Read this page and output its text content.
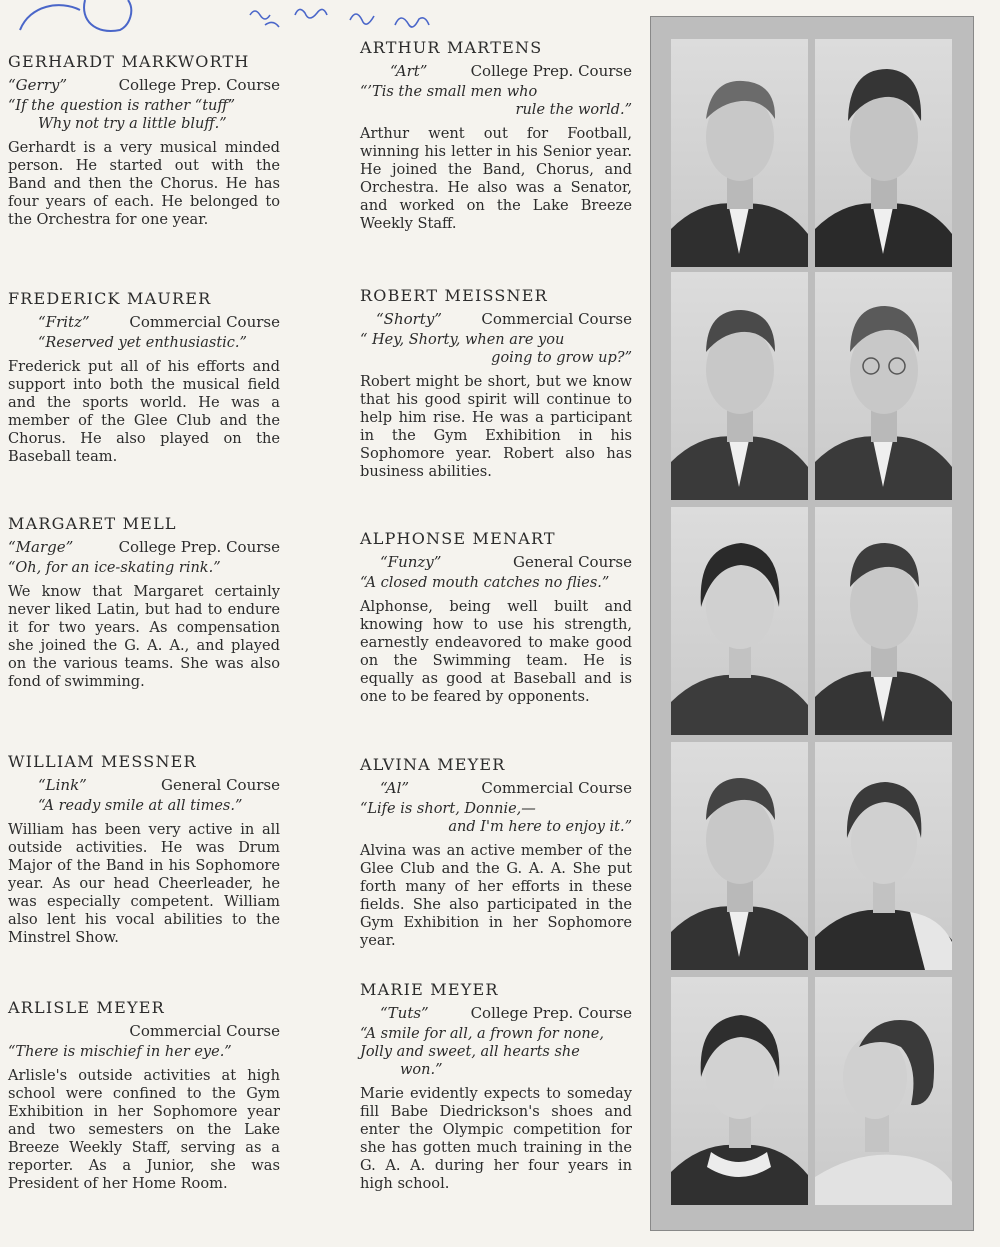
GERHARDT MARKWORTH
“Gerry”	College Prep. Course
“If the question is rather “tuff”
Why not try a little bluff.”
Gerhardt is a very musical minded person. He started out with the Band and then the Chorus. He has four years of each. He belonged to the Orchestra for one year.
FREDERICK MAURER
“Fritz”	Commercial Course
“Reserved yet enthusiastic.”
Frederick put all of his efforts and support into both the musical field and the sports world. He was a member of the Glee Club and the Chorus. He also played on the Baseball team.
MARGARET MELL
“Marge”	College Prep. Course
“Oh, for an ice-skating rink.”
We know that Margaret certainly never liked Latin, but had to endure it for two years. As compensation she joined the G. A. A., and played on the various teams. She was also fond of swimming.
WILLIAM MESSNER
“Link”	General Course
“A ready smile at all times.”
William has been very active in all outside activities. He was Drum Major of the Band in his Sophomore year. As our head Cheerleader, he was especially competent. William also lent his vocal abilities to the Minstrel Show.
ARLISLE MEYER
Commercial Course
“There is mischief in her eye.”
Arlisle's outside activities at high school were confined to the Gym Exhibition in her Sophomore year and two semesters on the Lake Breeze Weekly Staff, serving as a reporter. As a Junior, she was President of her Home Room.
ARTHUR MARTENS
“Art”	College Prep. Course
“’Tis the small men who
rule the world.”
Arthur went out for Football, winning his letter in his Senior year. He joined the Band, Chorus, and Orchestra. He also was a Senator, and worked on the Lake Breeze Weekly Staff.
ROBERT MEISSNER
“Shorty”	Commercial Course
“ Hey, Shorty, when are you
going to grow up?”
Robert might be short, but we know that his good spirit will continue to help him rise. He was a participant in the Gym Exhibition in his Sophomore year. Robert also has business abilities.
ALPHONSE MENART
“Funzy”	General Course
“A closed mouth catches no flies.”
Alphonse, being well built and knowing how to use his strength, earnestly endeavored to make good on the Swimming team. He is equally as good at Baseball and is one to be feared by opponents.
ALVINA MEYER
“Al”	Commercial Course
“Life is short, Donnie,—
and I'm here to enjoy it.”
Alvina was an active member of the Glee Club and the G. A. A. She put forth many of her efforts in these fields. She also participated in the Gym Exhibition in her Sophomore year.
MARIE MEYER
“Tuts”	College Prep. Course
“A smile for all, a frown for none,
Jolly and sweet, all hearts she
won.”
Marie evidently expects to someday fill Babe Diedrickson's shoes and enter the Olympic competition for she has gotten much training in the G. A. A. during her four years in high school.
